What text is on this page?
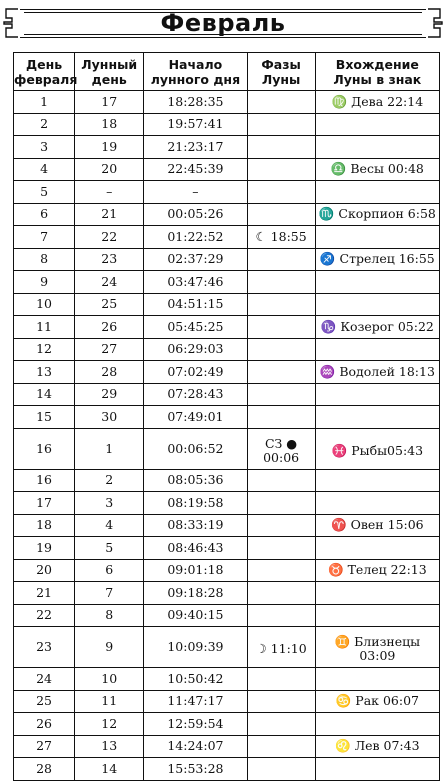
Февраль
День февраля	Лунный день	Начало лунного дня	Фазы Луны	Вхождение Луны в знак
1	17	18:28:35		♍ Дева 22:14
2	18	19:57:41		
3	19	21:23:17		
4	20	22:45:39		♎ Весы 00:48
5	–	–		
6	21	00:05:26		♏ Скорпион 6:58
7	22	01:22:52	☾ 18:55	
8	23	02:37:29		♐ Стрелец 16:55
9	24	03:47:46		
10	25	04:51:15		
11	26	05:45:25		♑ Козерог 05:22
12	27	06:29:03		
13	28	07:02:49		♒ Водолей 18:13
14	29	07:28:43		
15	30	07:49:01		
16	1	00:06:52	СЗ ● 00:06	♓ Рыбы05:43
16	2	08:05:36		
17	3	08:19:58		
18	4	08:33:19		♈ Овен 15:06
19	5	08:46:43		
20	6	09:01:18		♉ Телец 22:13
21	7	09:18:28		
22	8	09:40:15		
23	9	10:09:39	☽ 11:10	♊ Близнецы 03:09
24	10	10:50:42		
25	11	11:47:17		♋ Рак 06:07
26	12	12:59:54		
27	13	14:24:07		♌ Лев 07:43
28	14	15:53:28		
